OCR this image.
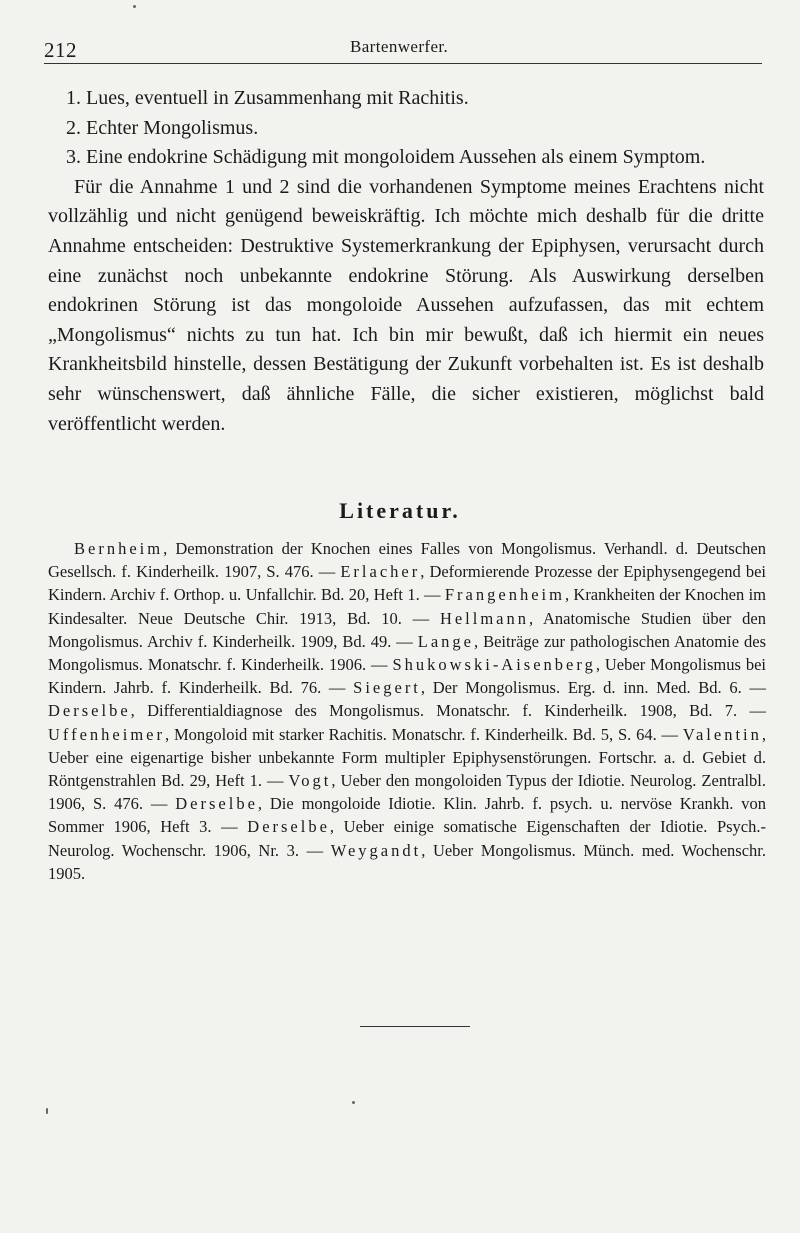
212	Bartenwerfer.

1. Lues, eventuell in Zusammenhang mit Rachitis.

2. Echter Mongolismus.

3. Eine endokrine Schädigung mit mongoloidem Aussehen als einem Symptom.

Für die Annahme 1 und 2 sind die vorhandenen Symptome meines Erachtens nicht vollzählig und nicht genügend beweiskräftig. Ich möchte mich deshalb für die dritte Annahme entscheiden: Destruktive Systemerkrankung der Epiphysen, verursacht durch eine zunächst noch unbekannte endokrine Störung. Als Auswirkung derselben endokrinen Störung ist das mongoloide Aussehen aufzufassen, das mit echtem „Mongolismus“ nichts zu tun hat. Ich bin mir bewußt, daß ich hiermit ein neues Krankheitsbild hinstelle, dessen Bestätigung der Zukunft vorbehalten ist. Es ist deshalb sehr wünschenswert, daß ähnliche Fälle, die sicher existieren, möglichst bald veröffentlicht werden.

Literatur.

Bernheim, Demonstration der Knochen eines Falles von Mongolismus. Verhandl. d. Deutschen Gesellsch. f. Kinderheilk. 1907, S. 476. — Erlacher, Deformierende Prozesse der Epiphysengegend bei Kindern. Archiv f. Orthop. u. Unfallchir. Bd. 20, Heft 1. — Frangenheim, Krankheiten der Knochen im Kindesalter. Neue Deutsche Chir. 1913, Bd. 10. — Hellmann, Anatomische Studien über den Mongolismus. Archiv f. Kinderheilk. 1909, Bd. 49. — Lange, Beiträge zur pathologischen Anatomie des Mongolismus. Monatschr. f. Kinderheilk. 1906. — Shukowski-Aisenberg, Ueber Mongolismus bei Kindern. Jahrb. f. Kinderheilk. Bd. 76. — Siegert, Der Mongolismus. Erg. d. inn. Med. Bd. 6. — Derselbe, Differentialdiagnose des Mongolismus. Monatschr. f. Kinderheilk. 1908, Bd. 7. — Uffenheimer, Mongoloid mit starker Rachitis. Monatschr. f. Kinderheilk. Bd. 5, S. 64. — Valentin, Ueber eine eigenartige bisher unbekannte Form multipler Epiphysenstörungen. Fortschr. a. d. Gebiet d. Röntgenstrahlen Bd. 29, Heft 1. — Vogt, Ueber den mongoloiden Typus der Idiotie. Neurolog. Zentralbl. 1906, S. 476. — Derselbe, Die mongoloide Idiotie. Klin. Jahrb. f. psych. u. nervöse Krankh. von Sommer 1906, Heft 3. — Derselbe, Ueber einige somatische Eigenschaften der Idiotie. Psych.-Neurolog. Wochenschr. 1906, Nr. 3. — Weygandt, Ueber Mongolismus. Münch. med. Wochenschr. 1905.
